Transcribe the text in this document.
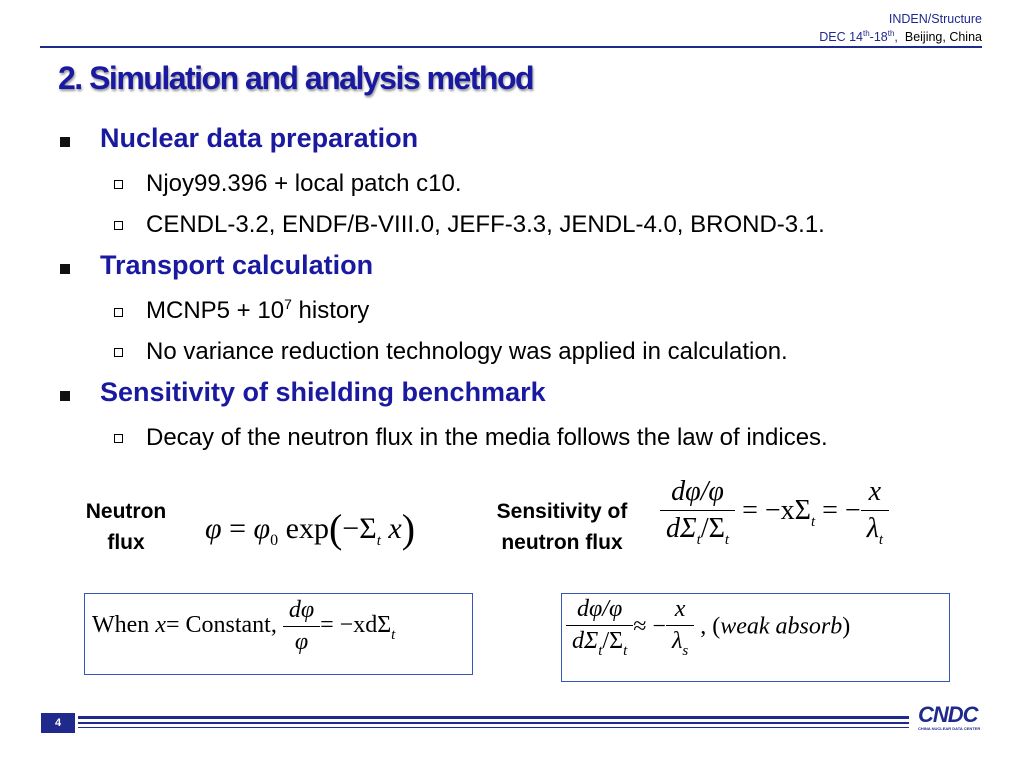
INDEN/Structure
DEC 14th-18th, Beijing, China
2. Simulation and analysis method
Nuclear data preparation
Njoy99.396 + local patch c10.
CENDL-3.2, ENDF/B-VIII.0, JEFF-3.3, JENDL-4.0, BROND-3.1.
Transport calculation
MCNP5 + $10^7$ history
No variance reduction technology was applied in calculation.
Sensitivity of shielding benchmark
Decay of the neutron flux in the media follows the law of indices.
Neutron
flux
Sensitivity of
neutron flux
$\varphi = \varphi_0$ $\exp(-\Sigma_t$ x)	$\frac{d\varphi/\varphi}{d\Sigma_t/\Sigma_t} = -x\Sigma_t$ = − $\frac{x}{\lambda_t}$
When x= Constant, $\frac{d\varphi}{\varphi} = -xd\Sigma_t$	$\frac{d\varphi/\varphi}{d\Sigma_t/\Sigma_t}$ ≈ − $\frac{x}{\lambda_s}$ , (weak absorb)
4	CNDC
CHINA NUCLEAR DATA CENTER
